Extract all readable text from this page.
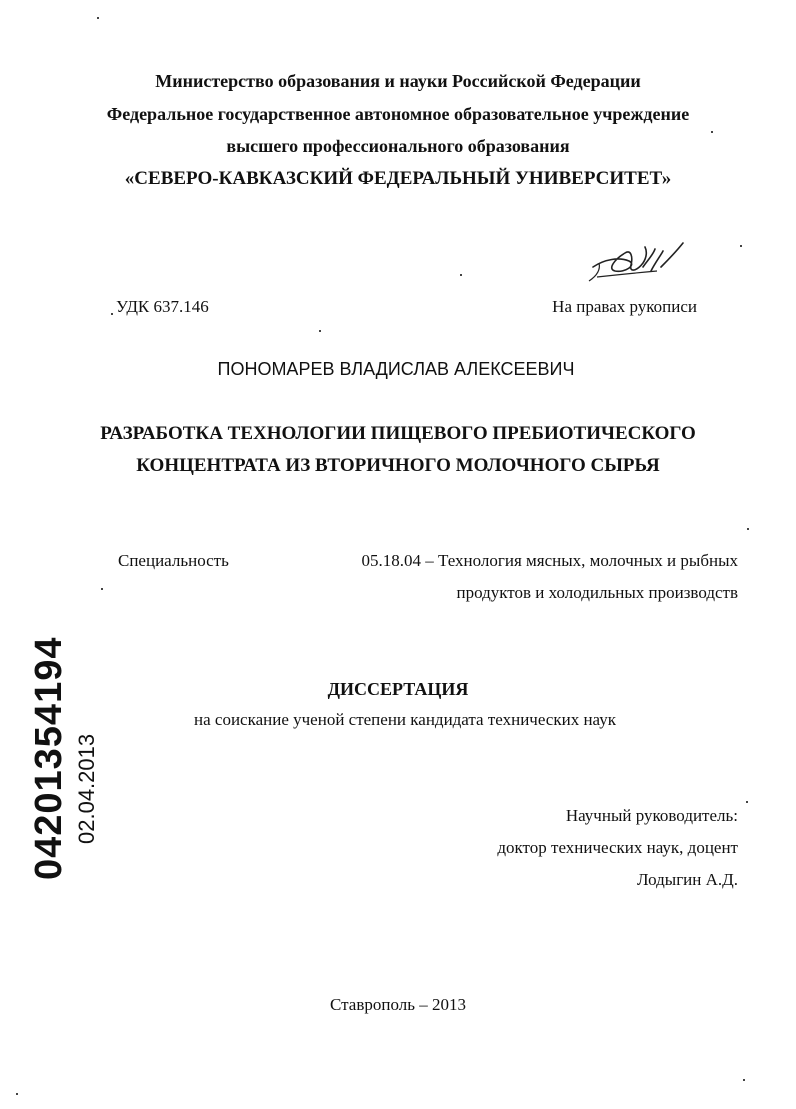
Министерство образования и науки Российской Федерации
Федеральное государственное автономное образовательное учреждение
высшего профессионального образования
«СЕВЕРО-КАВКАЗСКИЙ ФЕДЕРАЛЬНЫЙ УНИВЕРСИТЕТ»
УДК 637.146	На правах рукописи
ПОНОМАРЕВ ВЛАДИСЛАВ АЛЕКСЕЕВИЧ
РАЗРАБОТКА ТЕХНОЛОГИИ ПИЩЕВОГО ПРЕБИОТИЧЕСКОГО
КОНЦЕНТРАТА ИЗ ВТОРИЧНОГО МОЛОЧНОГО СЫРЬЯ
Специальность	05.18.04 – Технология мясных, молочных и рыбных
продуктов и холодильных производств
ДИССЕРТАЦИЯ
на соискание ученой степени кандидата технических наук
Научный руководитель:
доктор технических наук, доцент
Лодыгин А.Д.
Ставрополь – 2013
04201354194 02.04.2013
